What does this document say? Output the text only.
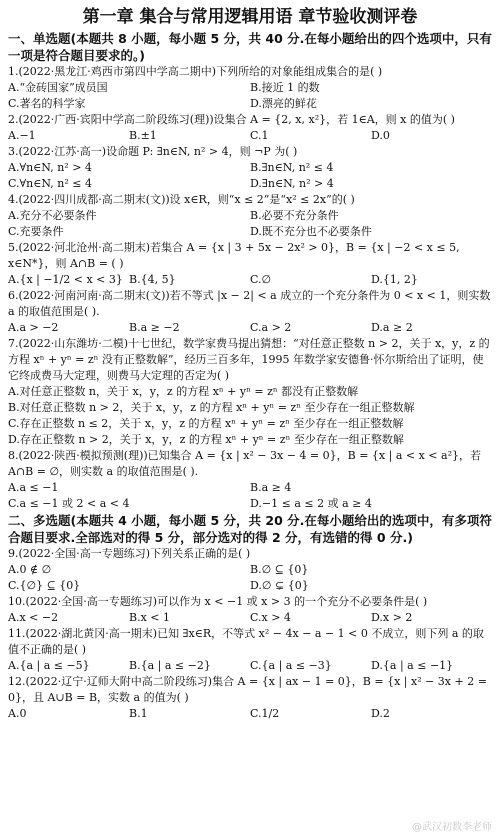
第一章 集合与常用逻辑用语 章节验收测评卷

一、单选题(本题共 8 小题，每小题 5 分，共 40 分.在每小题给出的四个选项中，只有一项是符合题目要求的。)

1.(2022·黑龙江·鸡西市第四中学高二期中)下列所给的对象能组成集合的是( )

A.“金砖国家”成员国	B.接近 1 的数
C.著名的科学家	D.漂亮的鲜花

2.(2022·广西·宾阳中学高二阶段练习(理))设集合 A = {2, x, x²}，若 1∈A，则 x 的值为( )

A.−1	B.±1	C.1	D.0

3.(2022·江苏·高一)设命题 P: ∃n∈N, n² > 4，则 ¬P 为( )

A.∀n∈N, n² > 4	B.∃n∈N, n² ≤ 4
C.∀n∈N, n² ≤ 4	D.∃n∈N, n² > 4

4.(2022·四川成都·高二期末(文))设 x∈R，则“x ≤ 2”是“x² ≤ 2x”的( )

A.充分不必要条件	B.必要不充分条件
C.充要条件	D.既不充分也不必要条件

5.(2022·河北沧州·高二期末)若集合 A = {x | 3 + 5x − 2x² > 0}，B = {x | −2 < x ≤ 5, x∈N*}，则 A∩B = ( )

A.{x | −1/2 < x < 3} B.{4, 5}	C.∅	D.{1, 2}

6.(2022·河南河南·高二期末(文))若不等式 |x − 2| < a 成立的一个充分条件为 0 < x < 1，则实数 a 的取值范围是( ).

A.a > −2	B.a ≥ −2	C.a > 2	D.a ≥ 2

7.(2022·山东潍坊·二模)十七世纪，数学家费马提出猜想：“对任意正整数 n > 2，关于 x，y，z 的方程 xⁿ + yⁿ = zⁿ 没有正整数解”，经历三百多年，1995 年数学家安德鲁·怀尔斯给出了证明，使它终成费马大定理，则费马大定理的否定为( )

A.对任意正整数 n，关于 x，y，z 的方程 xⁿ + yⁿ = zⁿ 都没有正整数解
B.对任意正整数 n > 2，关于 x，y，z 的方程 xⁿ + yⁿ = zⁿ 至少存在一组正整数解
C.存在正整数 n ≤ 2，关于 x，y，z 的方程 xⁿ + yⁿ = zⁿ 至少存在一组正整数解
D.存在正整数 n > 2，关于 x，y，z 的方程 xⁿ + yⁿ = zⁿ 至少存在一组正整数解

8.(2022·陕西·模拟预测(理))已知集合 A = {x | x² − 3x − 4 = 0}，B = {x | a < x < a²}，若 A∩B = ∅，则实数 a 的取值范围是( ).

A.a ≤ −1	B.a ≥ 4
C.a ≤ −1 或 2 < a < 4	D.−1 ≤ a ≤ 2 或 a ≥ 4

二、多选题(本题共 4 小题，每小题 5 分，共 20 分.在每小题给出的选项中，有多项符合题目要求.全部选对的得 5 分，部分选对的得 2 分，有选错的得 0 分.)

9.(2022·全国·高一专题练习)下列关系正确的是( )

A.0 ∉ ∅	B.∅ ⊆ {0}
C.{∅} ⊆ {0}	D.∅ ⊊ {0}

10.(2022·全国·高一专题练习)可以作为 x < −1 或 x > 3 的一个充分不必要条件是( )

A.x < −2	B.x < 1	C.x > 4	D.x > 2

11.(2022·湖北黄冈·高一期末)已知 ∃x∈R，不等式 x² − 4x − a − 1 < 0 不成立，则下列 a 的取值不正确的是( )

A.{a | a ≤ −5}	B.{a | a ≤ −2}	C.{a | a ≤ −3}	D.{a | a ≤ −1}

12.(2022·辽宁·辽师大附中高二阶段练习)集合 A = {x | ax − 1 = 0}，B = {x | x² − 3x + 2 = 0}，且 A∪B = B，实数 a 的值为( )

A.0	B.1	C.1/2	D.2
@武汉初数李老师
